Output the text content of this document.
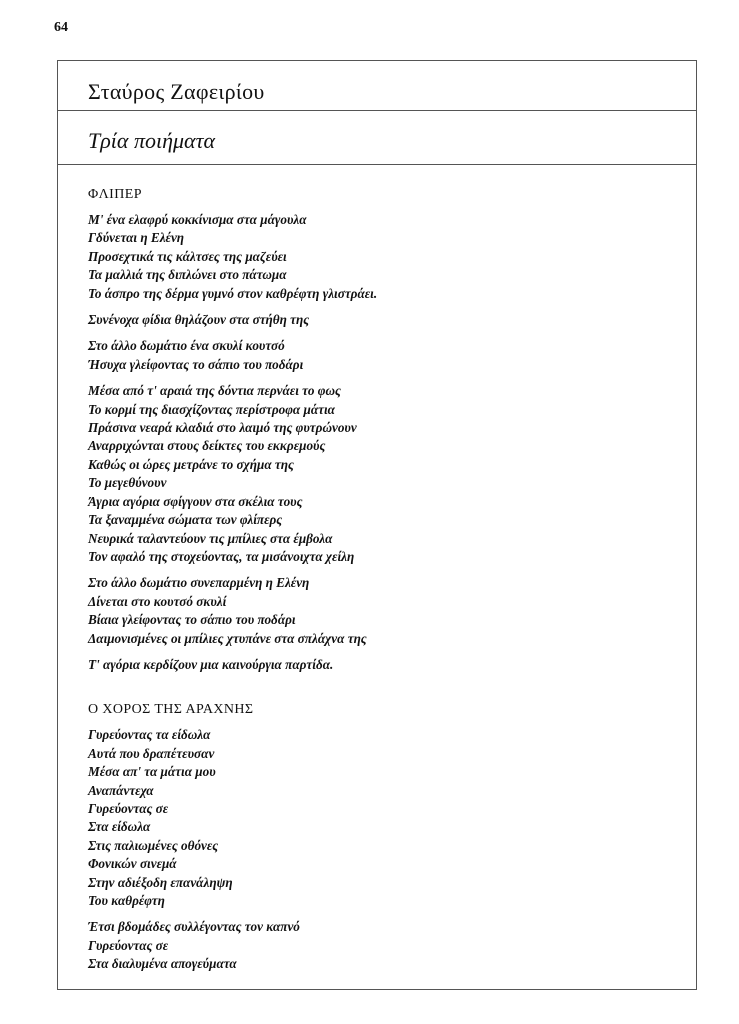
64
Σταύρος Ζαφειρίου
Τρία ποιήματα
ΦΛΙΠΕΡ
Μ' ένα ελαφρύ κοκκίνισμα στα μάγουλα
Γδύνεται η Ελένη
Προσεχτικά τις κάλτσες της μαζεύει
Τα μαλλιά της διπλώνει στο πάτωμα
Το άσπρο της δέρμα γυμνό στον καθρέφτη γλιστράει.
Συνένοχα φίδια θηλάζουν στα στήθη της
Στο άλλο δωμάτιο ένα σκυλί κουτσό
Ήσυχα γλείφοντας το σάπιο του ποδάρι
Μέσα από τ' αραιά της δόντια περνάει το φως
Το κορμί της διασχίζοντας περίστροφα μάτια
Πράσινα νεαρά κλαδιά στο λαιμό της φυτρώνουν
Αναρριχώνται στους δείκτες του εκκρεμούς
Καθώς οι ώρες μετράνε το σχήμα της
Το μεγεθύνουν
Άγρια αγόρια σφίγγουν στα σκέλια τους
Τα ξαναμμένα σώματα των φλίπερς
Νευρικά ταλαντεύουν τις μπίλιες στα έμβολα
Τον αφαλό της στοχεύοντας, τα μισάνοιχτα χείλη
Στο άλλο δωμάτιο συνεπαρμένη η Ελένη
Δίνεται στο κουτσό σκυλί
Βίαια γλείφοντας το σάπιο του ποδάρι
Δαιμονισμένες οι μπίλιες χτυπάνε στα σπλάχνα της
Τ' αγόρια κερδίζουν μια καινούργια παρτίδα.
Ο ΧΟΡΟΣ ΤΗΣ ΑΡΑΧΝΗΣ
Γυρεύοντας τα είδωλα
Αυτά που δραπέτευσαν
Μέσα απ' τα μάτια μου
Αναπάντεχα
Γυρεύοντας σε
Στα είδωλα
Στις παλιωμένες οθόνες
Φονικών σινεμά
Στην αδιέξοδη επανάληψη
Του καθρέφτη
Έτσι βδομάδες συλλέγοντας τον καπνό
Γυρεύοντας σε
Στα διαλυμένα απογεύματα
